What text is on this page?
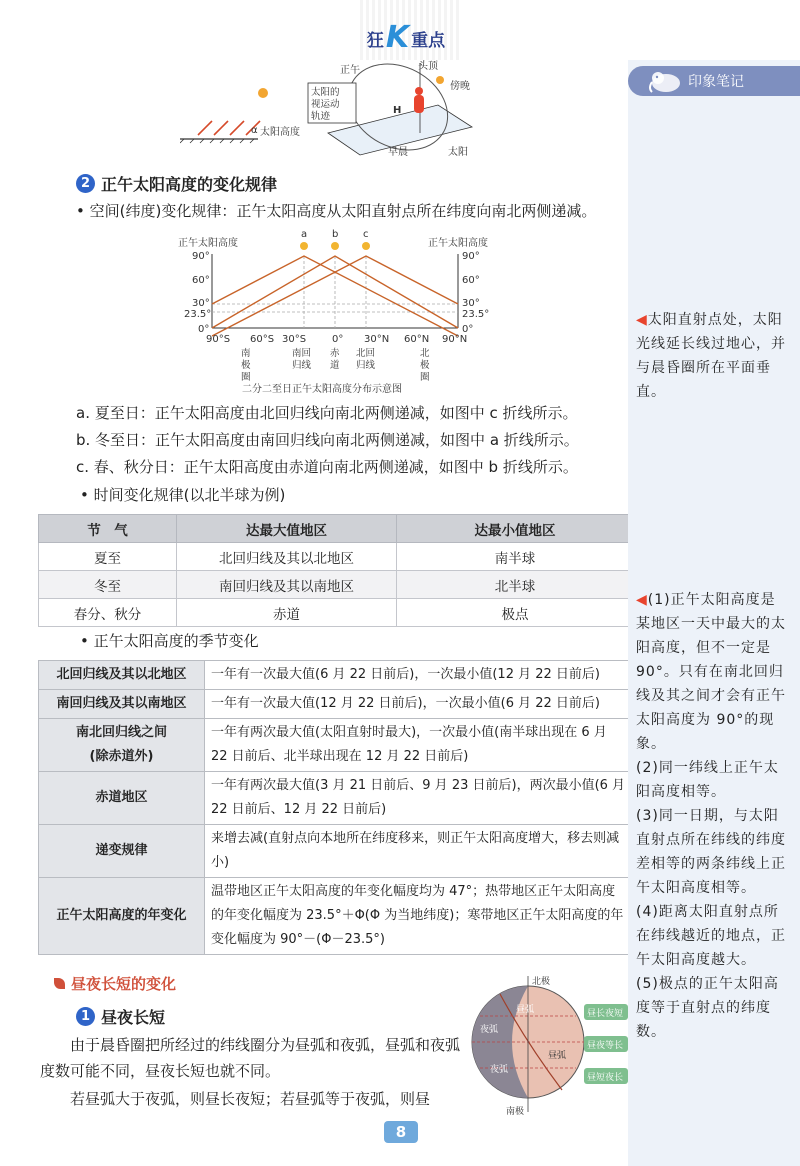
狂 K 重点
α 太阳高度
正午	头顶
傍晚
太阳的
视运动
轨迹
H
早晨	太阳
2 正午太阳高度的变化规律
• 空间(纬度)变化规律：正午太阳高度从太阳直射点所在纬度向南北两侧递减。
正午太阳高度	正午太阳高度
90°
60°
30°
23.5°
0°
90°
60°
30°
23.5°
0°
a b c
90°S 60°S 30°S	0° 30°N 60°N 90°N
南
极
圈
南回
归线
赤
道
北回
归线
北
极
圈
二分二至日正午太阳高度分布示意图
a. 夏至日：正午太阳高度由北回归线向南北两侧递减，如图中 c 折线所示。
b. 冬至日：正午太阳高度由南回归线向南北两侧递减，如图中 a 折线所示。
c. 春、秋分日：正午太阳高度由赤道向南北两侧递减，如图中 b 折线所示。
• 时间变化规律(以北半球为例)
节　气	达最大值地区	达最小值地区
夏至	北回归线及其以北地区	南半球
冬至	南回归线及其以南地区	北半球
春分、秋分	赤道	极点
• 正午太阳高度的季节变化
北回归线及其以北地区	一年有一次最大值(6 月 22 日前后)，一次最小值(12 月 22 日前后)
南回归线及其以南地区	一年有一次最大值(12 月 22 日前后)，一次最小值(6 月 22 日前后)
南北回归线之间
(除赤道外)	一年有两次最大值(太阳直射时最大)，一次最小值(南半球出现在 6 月 22 日前后、北半球出现在 12 月 22 日前后)
赤道地区	一年有两次最大值(3 月 21 日前后、9 月 23 日前后)，两次最小值(6 月 22 日前后、12 月 22 日前后)
递变规律	来增去减(直射点向本地所在纬度移来，则正午太阳高度增大，移去则减小)
正午太阳高度的年变化	温带地区正午太阳高度的年变化幅度均为 47°；热带地区正午太阳高度的年变化幅度为 23.5°＋Φ(Φ 为当地纬度)；寒带地区正午太阳高度的年变化幅度为 90°－(Φ－23.5°)
昼夜长短的变化
1 昼夜长短
由于晨昏圈把所经过的纬线圈分为昼弧和夜弧，昼弧和夜弧度数可能不同，昼夜长短也就不同。
若昼弧大于夜弧，则昼长夜短；若昼弧等于夜弧，则昼
北极
南极
昼弧
夜弧
昼弧
夜弧
昼长夜短
昼夜等长
昼短夜长
印象笔记
◀太阳直射点处，太阳光线延长线过地心，并与晨昏圈所在平面垂直。
◀(1)正午太阳高度是某地区一天中最大的太阳高度，但不一定是 90°。只有在南北回归线及其之间才会有正午太阳高度为 90°的现象。
(2)同一纬线上正午太阳高度相等。
(3)同一日期，与太阳直射点所在纬线的纬度差相等的两条纬线上正午太阳高度相等。
(4)距离太阳直射点所在纬线越近的地点，正午太阳高度越大。
(5)极点的正午太阳高度等于直射点的纬度数。
8
